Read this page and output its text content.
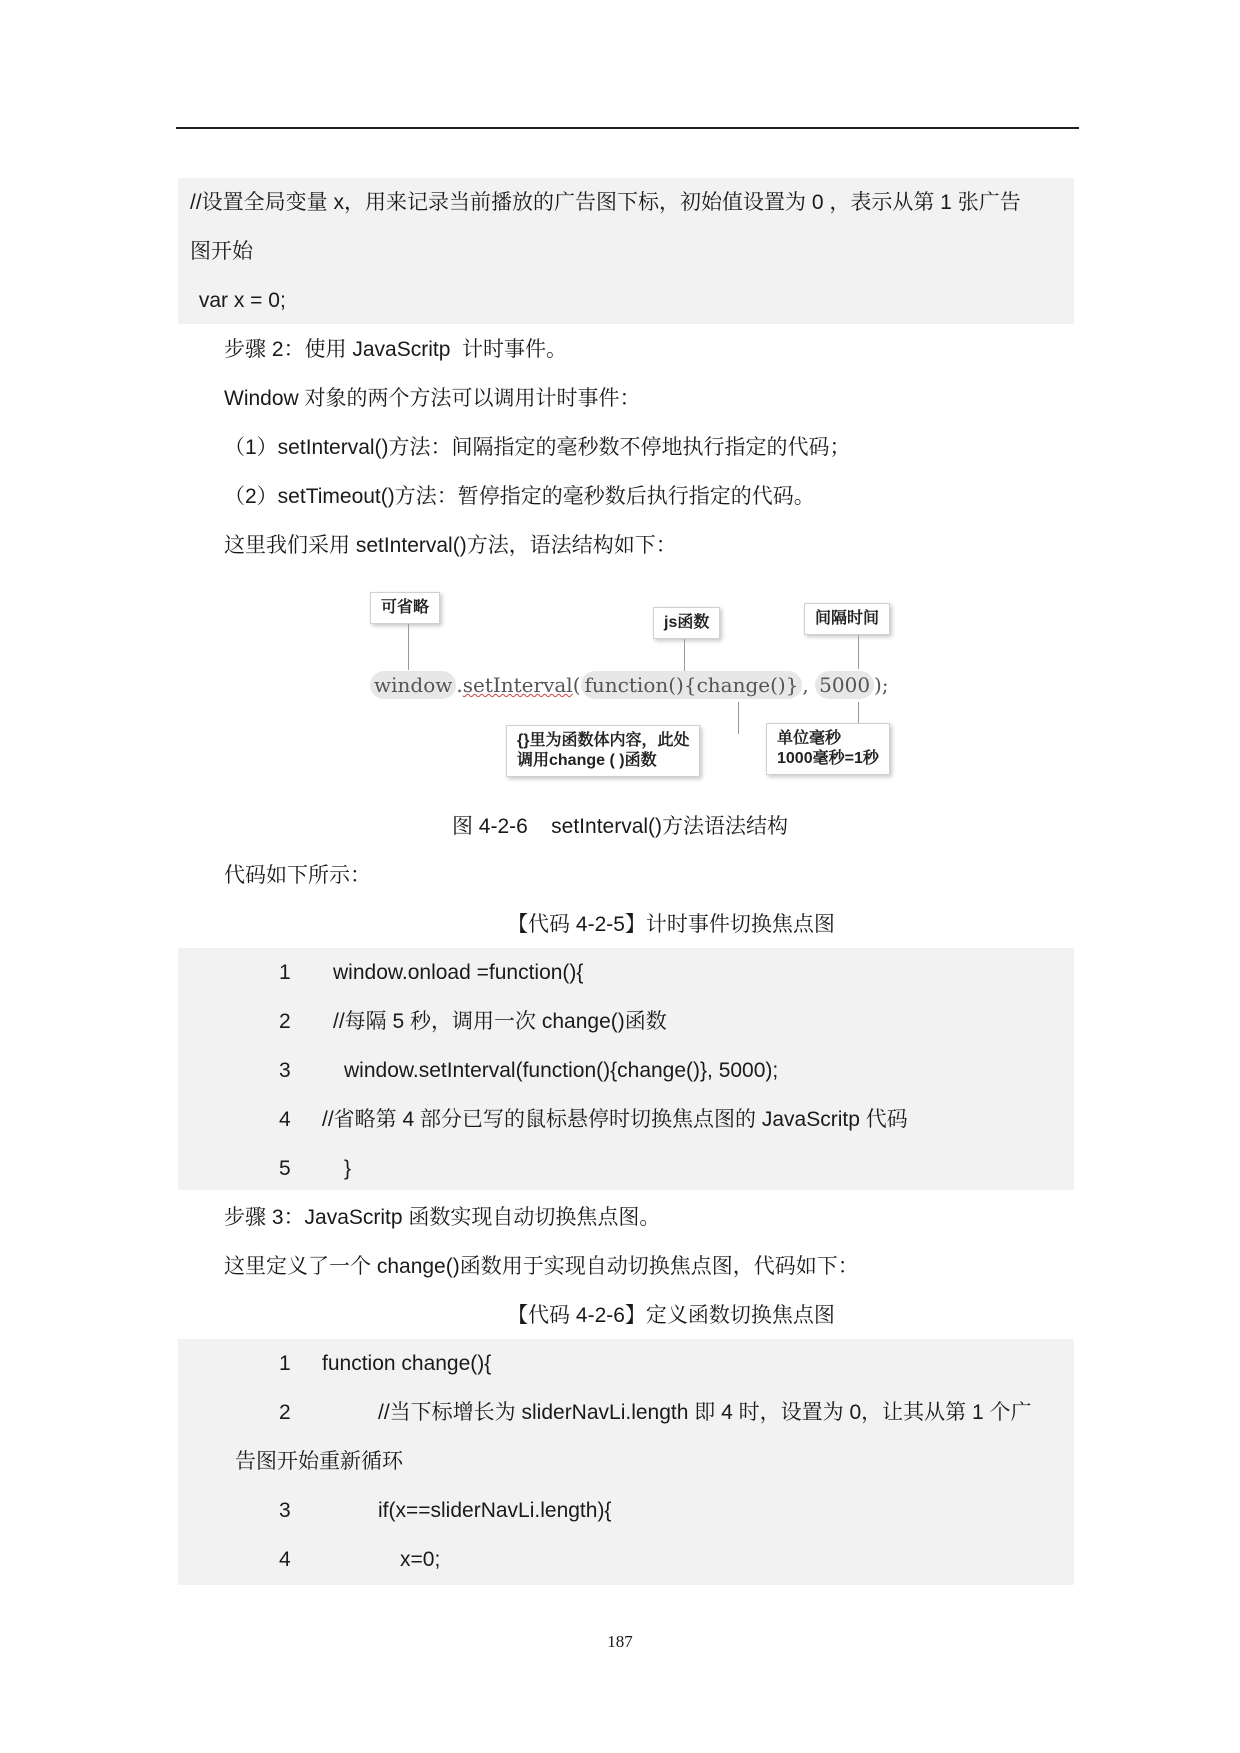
//设置全局变量 x，用来记录当前播放的广告图下标，初始值设置为 0 ，表示从第 1 张广告
图开始
var x = 0;
步骤 2：使用 JavaScritp  计时事件。
Window 对象的两个方法可以调用计时事件：
（1）setInterval()方法：间隔指定的毫秒数不停地执行指定的代码；
（2）setTimeout()方法：暂停指定的毫秒数后执行指定的代码。
这里我们采用 setInterval()方法，语法结构如下：
可省略
js函数	间隔时间
window .setInterval( function(){change()} , 5000 );
{}里为函数体内容，此处
调用change ( )函数
单位毫秒
1000毫秒=1秒
图 4-2-6    setInterval()方法语法结构
代码如下所示：
【代码 4-2-5】计时事件切换焦点图
1 window.onload =function(){
2 //每隔 5 秒，调用一次 change()函数
3	window.setInterval(function(){change()}, 5000);
4 //省略第 4 部分已写的鼠标悬停时切换焦点图的 JavaScritp 代码
5	}
步骤 3：JavaScritp 函数实现自动切换焦点图。
这里定义了一个 change()函数用于实现自动切换焦点图，代码如下：
【代码 4-2-6】定义函数切换焦点图
1 function change(){
2	//当下标增长为 sliderNavLi.length 即 4 时，设置为 0，让其从第 1 个广
告图开始重新循环
3	if(x==sliderNavLi.length){
4	x=0;
187
